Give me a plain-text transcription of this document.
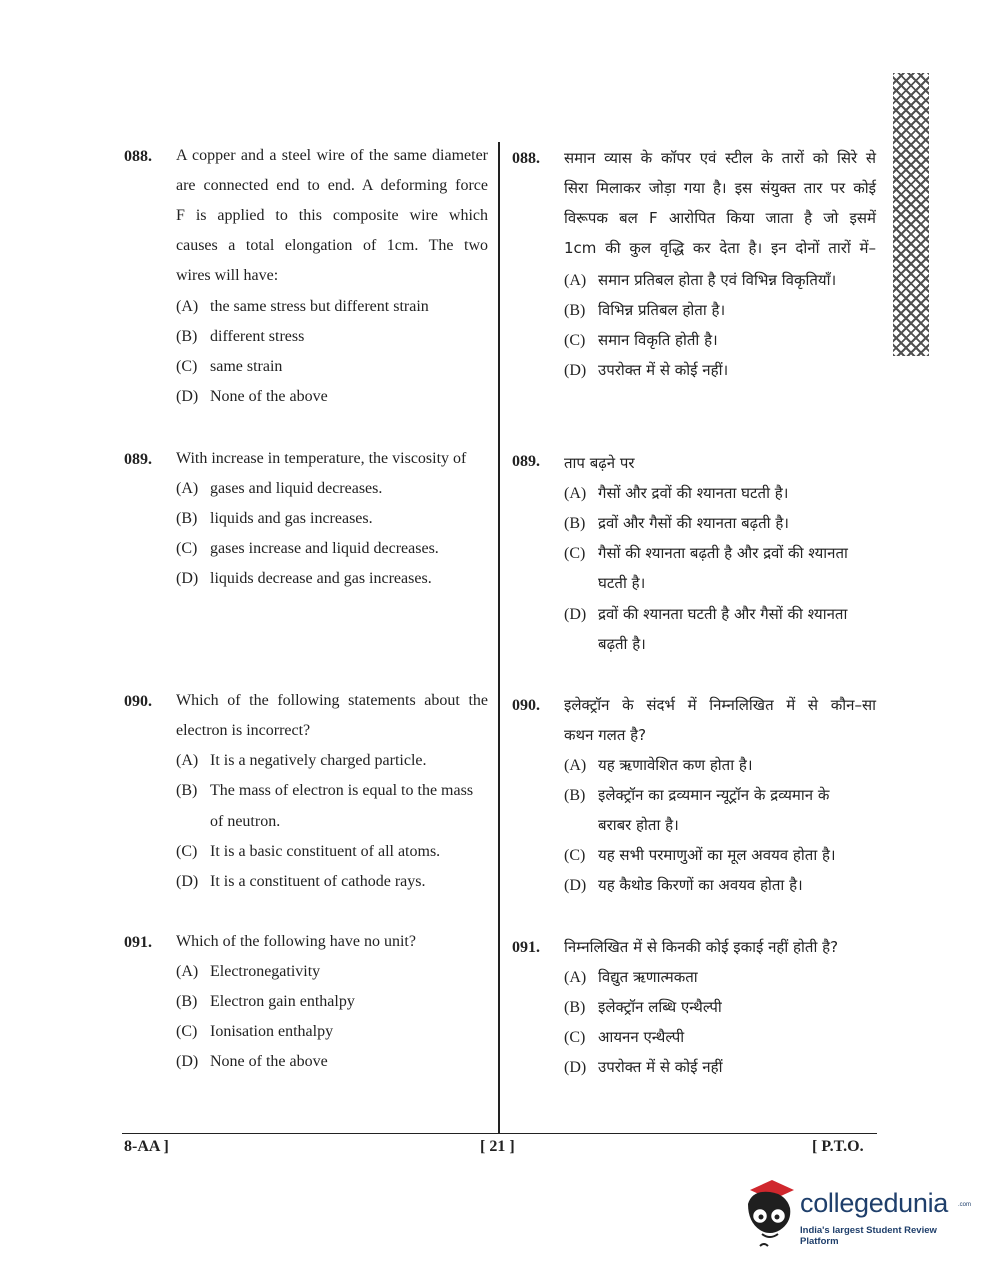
088. A copper and a steel wire of the same diameter
are connected end to end. A deforming force
F is applied to this composite wire which
causes a total elongation of 1cm. The two
wires will have:
(A) the same stress but different strain
(B) different stress
(C) same strain
(D) None of the above
088. समान व्यास के कॉपर एवं स्टील के तारों को सिरे से
सिरा मिलाकर जोड़ा गया है। इस संयुक्त तार पर कोई
विरूपक बल F आरोपित किया जाता है जो इसमें
1cm की कुल वृद्धि कर देता है। इन दोनों तारों में–
(A) समान प्रतिबल होता है एवं विभिन्न विकृतियाँ।
(B) विभिन्न प्रतिबल होता है।
(C) समान विकृति होती है।
(D) उपरोक्त में से कोई नहीं।
089. With increase in temperature, the viscosity of
(A) gases and liquid decreases.
(B) liquids and gas increases.
(C) gases increase and liquid decreases.
(D) liquids decrease and gas increases.
089. ताप बढ़ने पर
(A) गैसों और द्रवों की श्यानता घटती है।
(B) द्रवों और गैसों की श्यानता बढ़ती है।
(C) गैसों की श्यानता बढ़ती है और द्रवों की श्यानता
घटती है।
(D) द्रवों की श्यानता घटती है और गैसों की श्यानता
बढ़ती है।
090. Which of the following statements about the
electron is incorrect?
(A) It is a negatively charged particle.
(B) The mass of electron is equal to the mass
of neutron.
(C) It is a basic constituent of all atoms.
(D) It is a constituent of cathode rays.
090. इलेक्ट्रॉन के संदर्भ में निम्नलिखित में से कौन–सा
कथन गलत है?
(A) यह ऋणावेशित कण होता है।
(B) इलेक्ट्रॉन का द्रव्यमान न्यूट्रॉन के द्रव्यमान के
बराबर होता है।
(C) यह सभी परमाणुओं का मूल अवयव होता है।
(D) यह कैथोड किरणों का अवयव होता है।
091. Which of the following have no unit?
(A) Electronegativity
(B) Electron gain enthalpy
(C) Ionisation enthalpy
(D) None of the above
091. निम्नलिखित में से किनकी कोई इकाई नहीं होती है?
(A) विद्युत ऋणात्मकता
(B) इलेक्ट्रॉन लब्धि एन्थैल्पी
(C) आयनन एन्थैल्पी
(D) उपरोक्त में से कोई नहीं
8-AA ]	[ 21 ]	[ P.T.O.
collegedunia .com
India's largest Student Review Platform
